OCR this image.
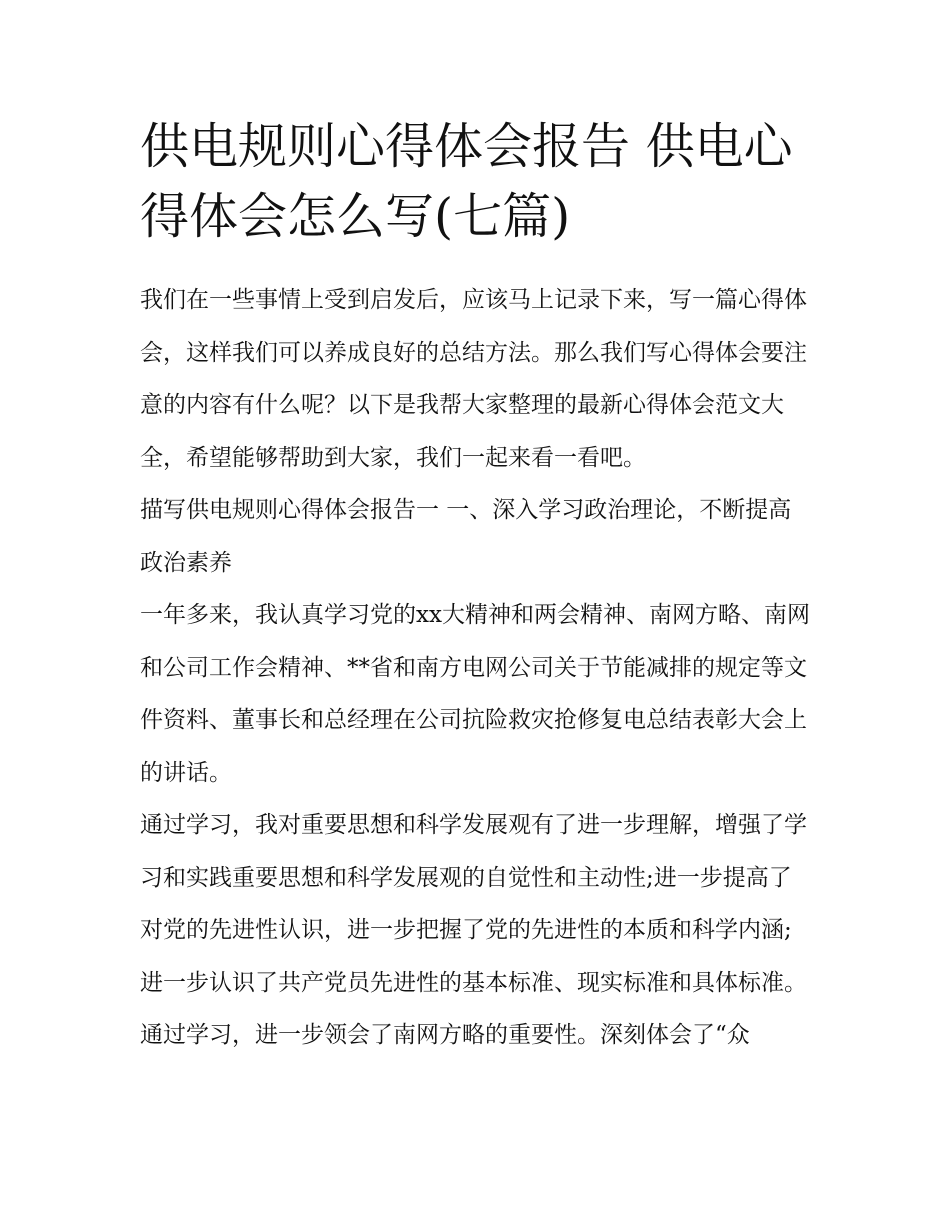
供电规则心得体会报告 供电心得体会怎么写(七篇)

我们在一些事情上受到启发后，应该马上记录下来，写一篇心得体会，这样我们可以养成良好的总结方法。那么我们写心得体会要注意的内容有什么呢？以下是我帮大家整理的最新心得体会范文大全，希望能够帮助到大家，我们一起来看一看吧。

描写供电规则心得体会报告一 一、深入学习政治理论，不断提高政治素养

一年多来，我认真学习党的xx大精神和两会精神、南网方略、南网和公司工作会精神、**省和南方电网公司关于节能减排的规定等文件资料、董事长和总经理在公司抗险救灾抢修复电总结表彰大会上的讲话。

通过学习，我对重要思想和科学发展观有了进一步理解，增强了学习和实践重要思想和科学发展观的自觉性和主动性;进一步提高了对党的先进性认识，进一步把握了党的先进性的本质和科学内涵;进一步认识了共产党员先进性的基本标准、现实标准和具体标准。

通过学习，进一步领会了南网方略的重要性。深刻体会了“众
